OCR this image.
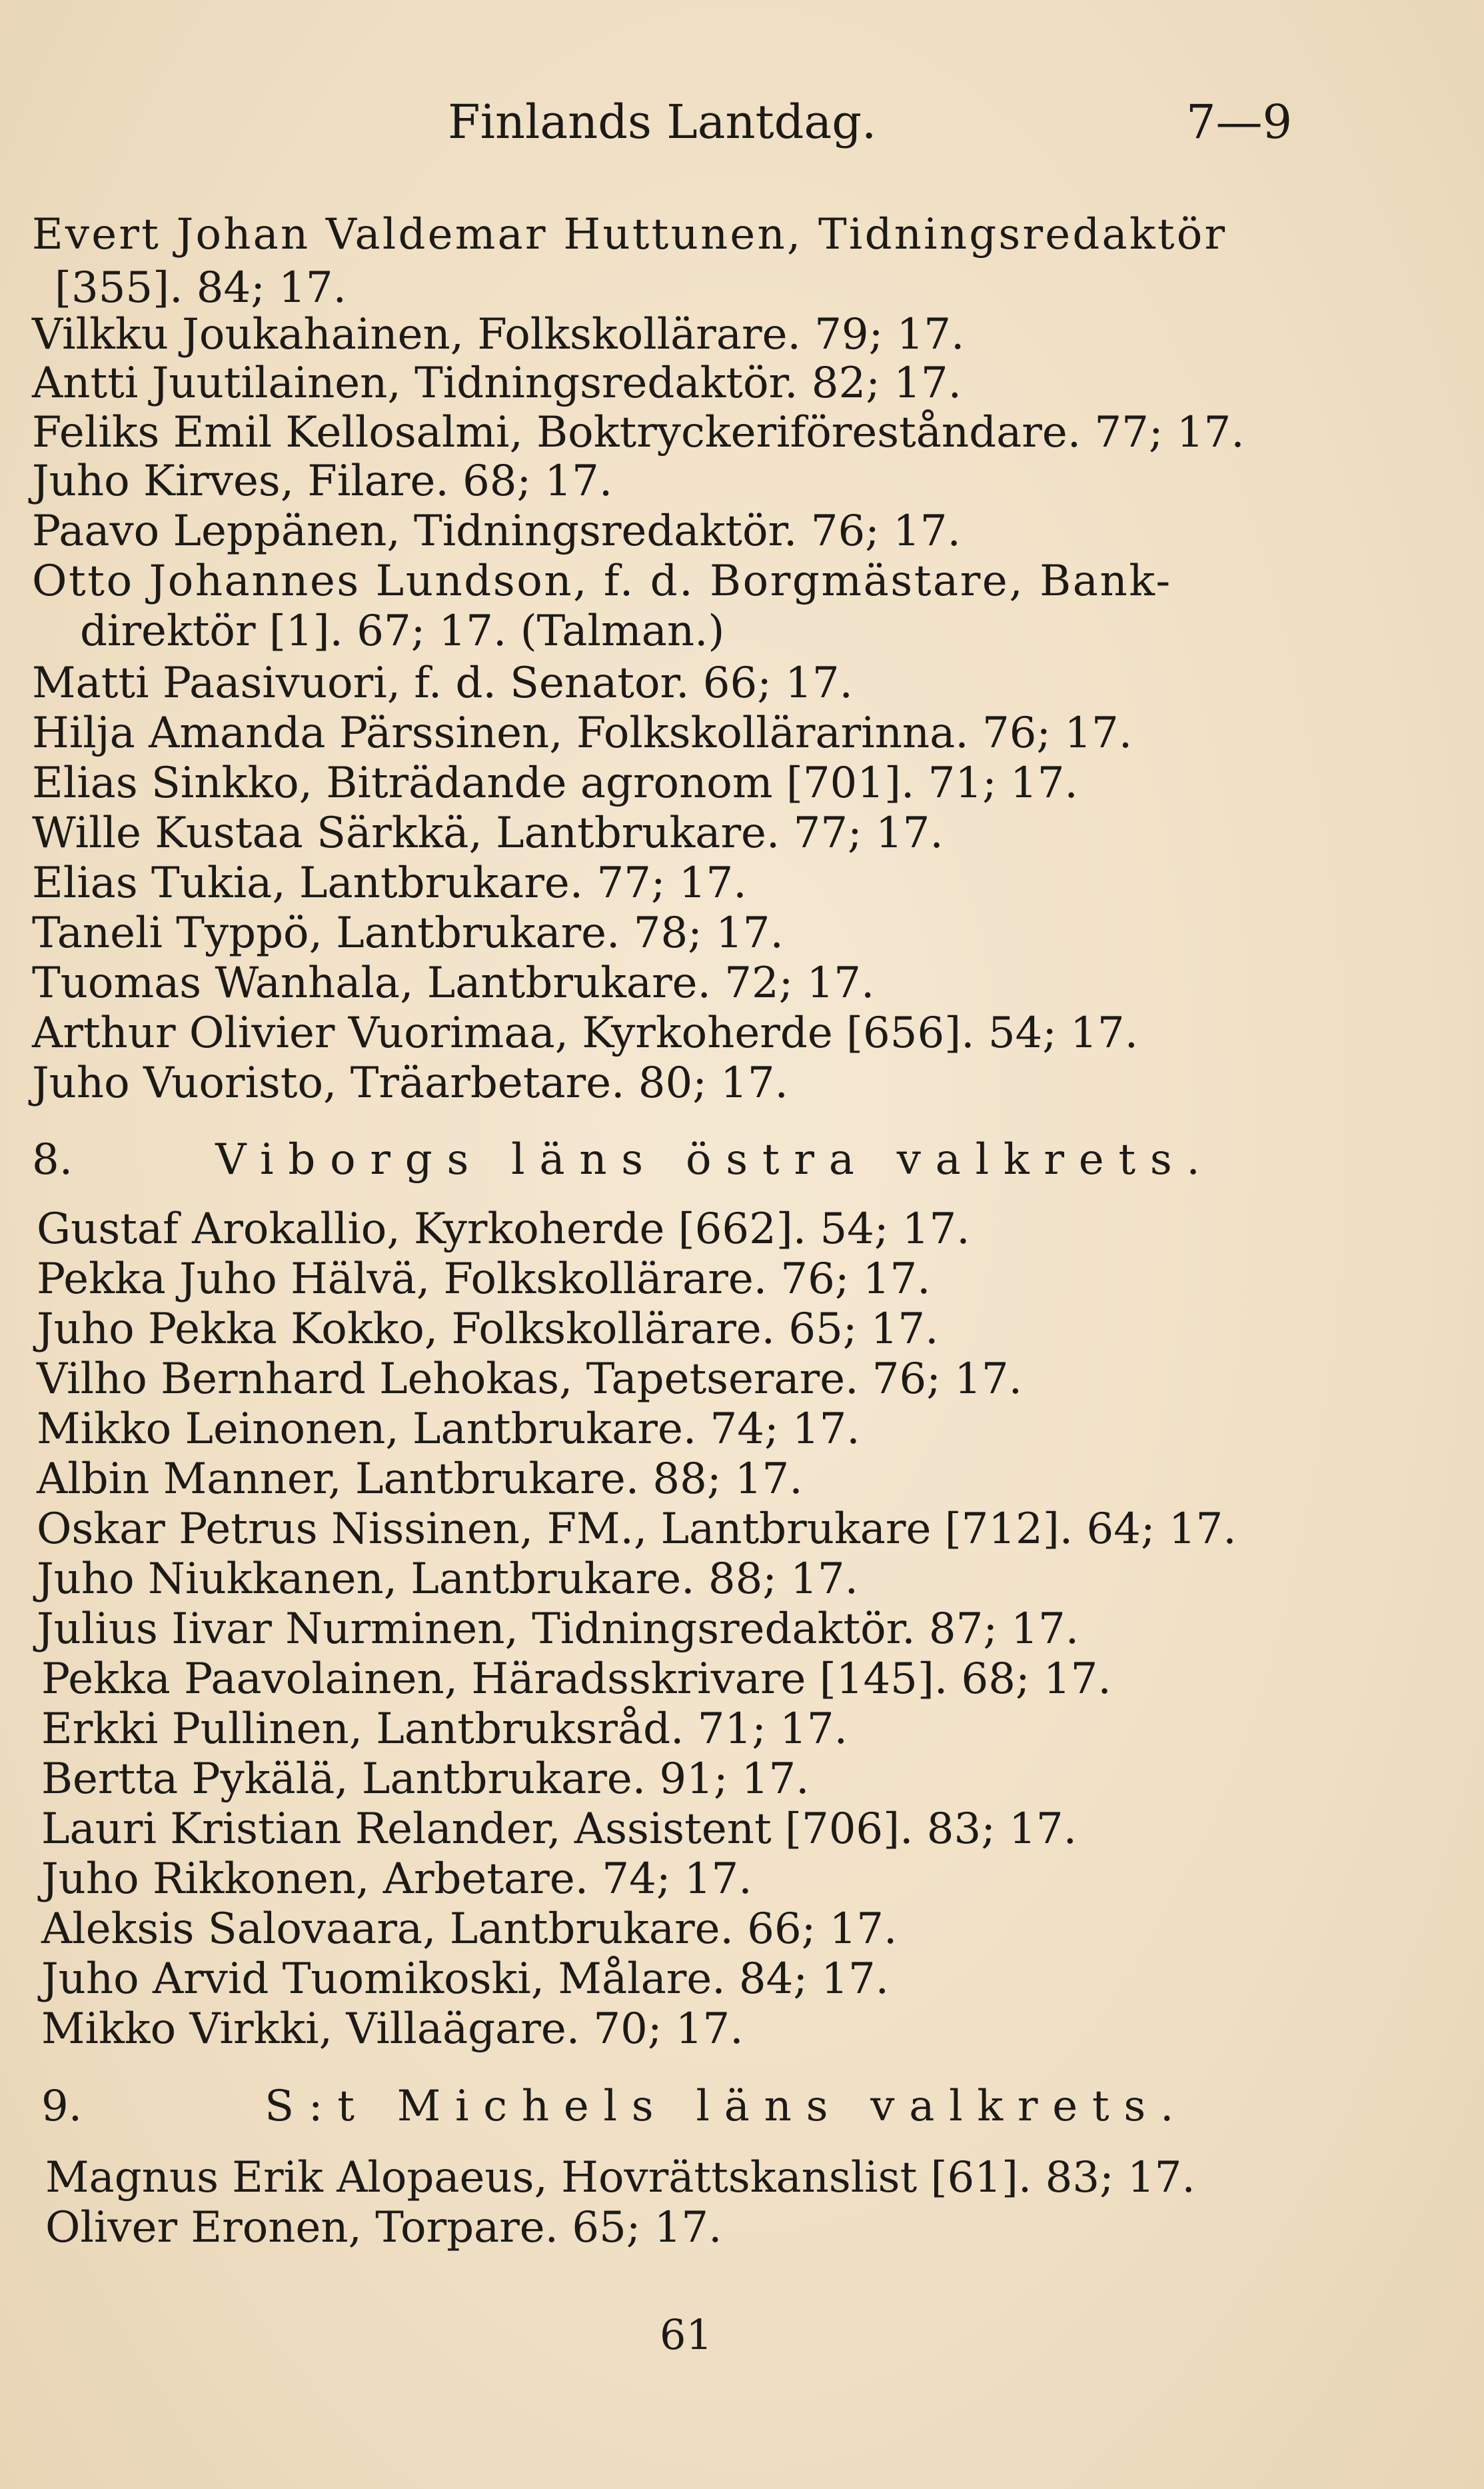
Finlands Lantdag.	7—9
Evert Johan Valdemar Huttunen, Tidningsredaktör
[355]. 84; 17.
Vilkku Joukahainen, Folkskollärare. 79; 17.
Antti Juutilainen, Tidningsredaktör. 82; 17.
Feliks Emil Kellosalmi, Boktryckeriföreståndare. 77; 17.
Juho Kirves, Filare. 68; 17.
Paavo Leppänen, Tidningsredaktör. 76; 17.
Otto Johannes Lundson, f. d. Borgmästare, Bank-
direktör [1]. 67; 17. (Talman.)
Matti Paasivuori, f. d. Senator. 66; 17.
Hilja Amanda Pärssinen, Folkskollärarinna. 76; 17.
Elias Sinkko, Biträdande agronom [701]. 71; 17.
Wille Kustaa Särkkä, Lantbrukare. 77; 17.
Elias Tukia, Lantbrukare. 77; 17.
Taneli Typpö, Lantbrukare. 78; 17.
Tuomas Wanhala, Lantbrukare. 72; 17.
Arthur Olivier Vuorimaa, Kyrkoherde [656]. 54; 17.
Juho Vuoristo, Träarbetare. 80; 17.
8.	Viborgs läns östra valkrets.
Gustaf Arokallio, Kyrkoherde [662]. 54; 17.
Pekka Juho Hälvä, Folkskollärare. 76; 17.
Juho Pekka Kokko, Folkskollärare. 65; 17.
Vilho Bernhard Lehokas, Tapetserare. 76; 17.
Mikko Leinonen, Lantbrukare. 74; 17.
Albin Manner, Lantbrukare. 88; 17.
Oskar Petrus Nissinen, FM., Lantbrukare [712]. 64; 17.
Juho Niukkanen, Lantbrukare. 88; 17.
Julius Iivar Nurminen, Tidningsredaktör. 87; 17.
Pekka Paavolainen, Häradsskrivare [145]. 68; 17.
Erkki Pullinen, Lantbruksråd. 71; 17.
Bertta Pykälä, Lantbrukare. 91; 17.
Lauri Kristian Relander, Assistent [706]. 83; 17.
Juho Rikkonen, Arbetare. 74; 17.
Aleksis Salovaara, Lantbrukare. 66; 17.
Juho Arvid Tuomikoski, Målare. 84; 17.
Mikko Virkki, Villaägare. 70; 17.
9.	S:t Michels läns valkrets.
Magnus Erik Alopaeus, Hovrättskanslist [61]. 83; 17.
Oliver Eronen, Torpare. 65; 17.
61
